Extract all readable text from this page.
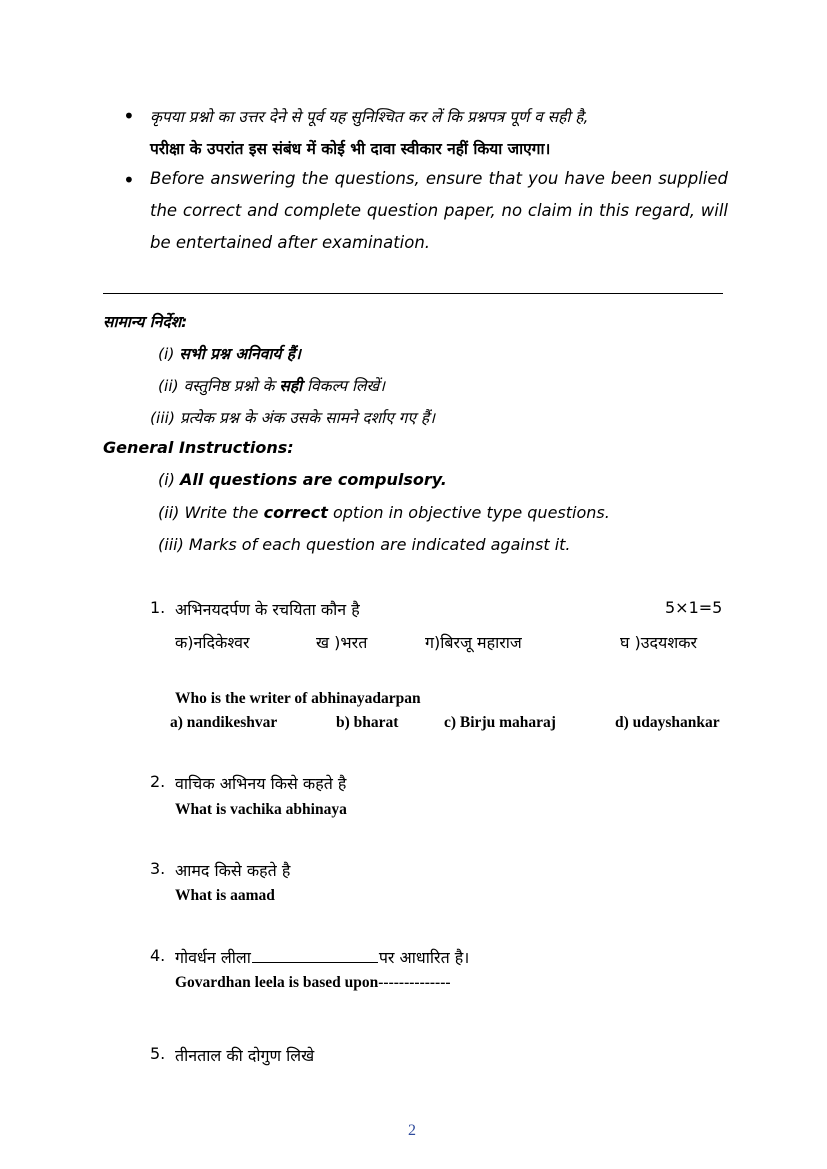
• कृपया प्रश्नो का उत्तर देने से पूर्व यह सुनिश्चित कर लें कि प्रश्नपत्र पूर्ण व सही है,
परीक्षा के उपरांत इस संबंध में कोई भी दावा स्वीकार नहीं किया जाएगा।
• Before answering the questions, ensure that you have been supplied the correct and complete question paper, no claim in this regard, will be entertained after examination.
सामान्य निर्देश:
(i) सभी प्रश्न अनिवार्य हैं।
(ii) वस्तुनिष्ठ प्रश्नो के सही विकल्प लिखें।
(iii) प्रत्येक प्रश्न के अंक उसके सामने दर्शाए गए हैं।
General Instructions:
(i) All questions are compulsory.
(ii) Write the correct option in objective type questions.
(iii) Marks of each question are indicated against it.
1. अभिनयदर्पण के रचयिता कौन है	5×1=5
क)नदिकेश्वर	ख )भरत	ग)बिरजू महाराज	घ )उदयशकर
Who is the writer of abhinayadarpan
a) nandikeshvar	b) bharat	c) Birju maharaj	d) udayshankar
2. वाचिक अभिनय किसे कहते है
What is vachika abhinaya
3. आमद किसे कहते है
What is aamad
4. गोवर्धन लीला	पर आधारित है।
Govardhan leela is based upon--------------
5. तीनताल की दोगुण लिखे
2
